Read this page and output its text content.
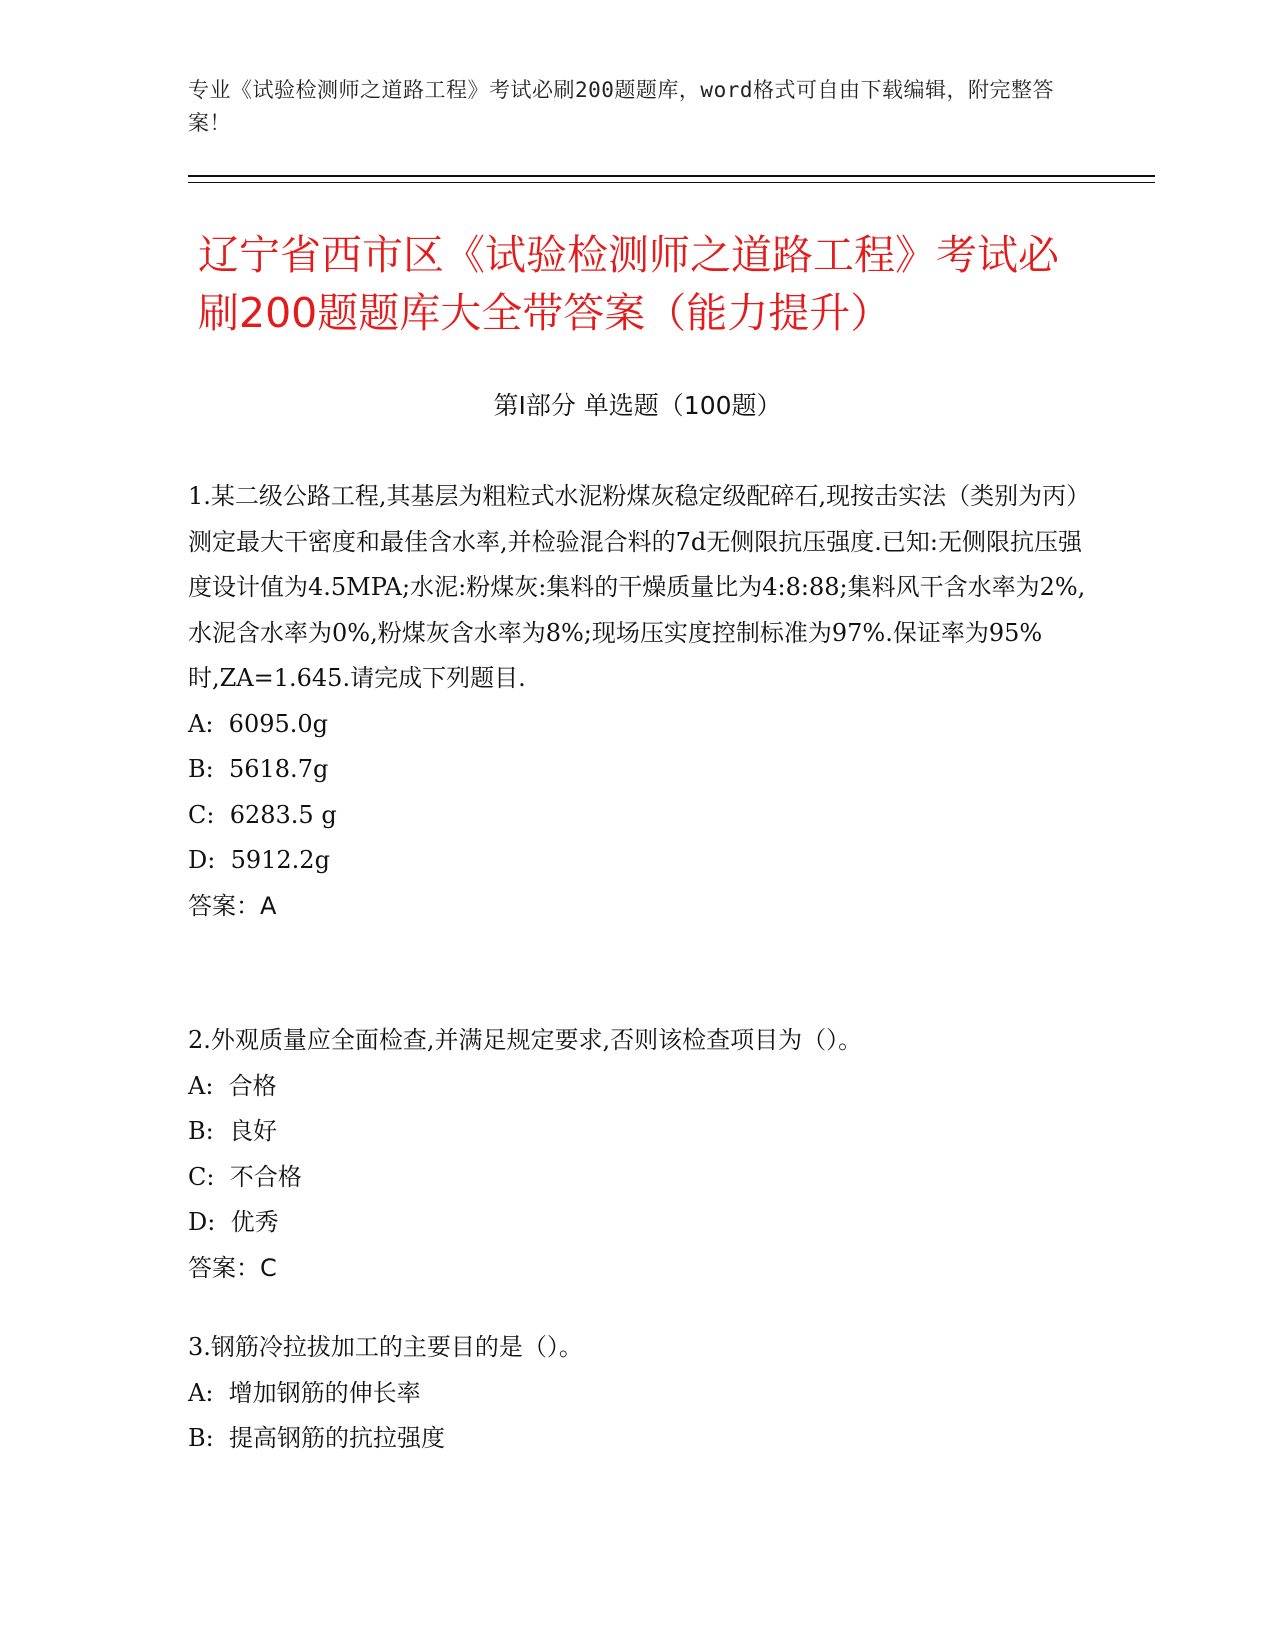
专业《试验检测师之道路工程》考试必刷200题题库，word格式可自由下载编辑，附完整答案！
辽宁省西市区《试验检测师之道路工程》考试必刷200题题库大全带答案（能力提升）
第I部分 单选题（100题）

1.某二级公路工程,其基层为粗粒式水泥粉煤灰稳定级配碎石,现按击实法（类别为丙）测定最大干密度和最佳含水率,并检验混合料的7d无侧限抗压强度.已知:无侧限抗压强度设计值为4.5MPA;水泥:粉煤灰:集料的干燥质量比为4:8:88;集料风干含水率为2%,水泥含水率为0%,粉煤灰含水率为8%;现场压实度控制标准为97%.保证率为95%时,ZA=1.645.请完成下列题目.

A:  6095.0g

B:  5618.7g

C:  6283.5 g

D:  5912.2g

答案：A

2.外观质量应全面检查,并满足规定要求,否则该检查项目为（）。

A:  合格

B:  良好

C:  不合格

D:  优秀

答案：C

3.钢筋冷拉拔加工的主要目的是（）。

A:  增加钢筋的伸长率

B:  提高钢筋的抗拉强度
